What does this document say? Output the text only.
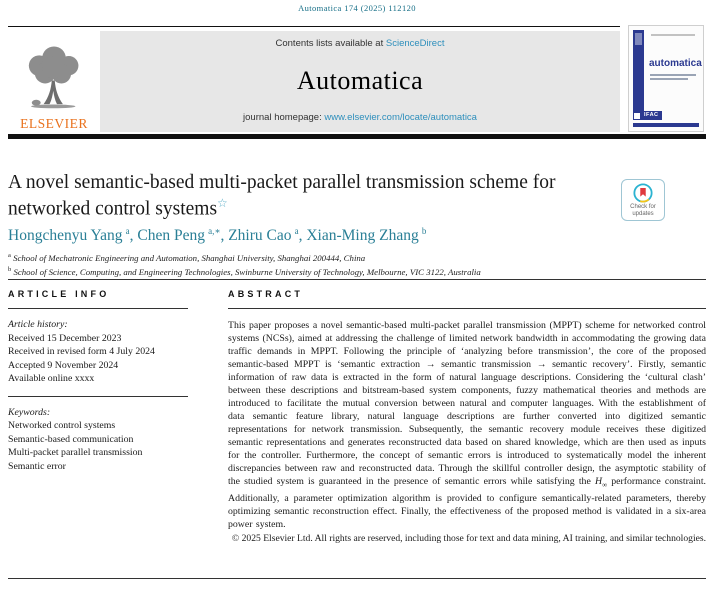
Automatica 174 (2025) 112120
ELSEVIER
Contents lists available at ScienceDirect
Automatica
journal homepage: www.elsevier.com/locate/automatica
automatica
IFAC
A novel semantic-based multi-packet parallel transmission scheme for networked control systems☆	Check for updates

Hongchenyu Yang  $^a$, Chen Peng  $^{a,∗}$, Zhiru Cao  $^a$, Xian-Ming Zhang  $^b$

$^a$ School of Mechatronic Engineering and Automation, Shanghai University, Shanghai 200444, China
$^b$ School of Science, Computing, and Engineering Technologies, Swinburne University of Technology, Melbourne, VIC 3122, Australia
ARTICLE INFO
Article history:
Received 15 December 2023
Received in revised form 4 July 2024
Accepted 9 November 2024
Available online xxxx
Keywords:
Networked control systems
Semantic-based communication
Multi-packet parallel transmission
Semantic error
ABSTRACT

This paper proposes a novel semantic-based multi-packet parallel transmission (MPPT) scheme for networked control systems (NCSs), aimed at addressing the challenge of limited network bandwidth in accommodating the growing data traffic demands in MPPT. Following the principle of ‘analyzing before transmission’, the core of the proposed semantic-based MPPT is ‘semantic extraction → semantic transmission → semantic recovery’. Firstly, semantic information of raw data is extracted in the form of natural language descriptions. Considering the ‘cultural clash’ between these descriptions and bitstream-based system components, fuzzy mathematical theories and methods are introduced to facilitate the mutual conversion between natural and computer languages. With the establishment of data semantic feature library, natural language descriptions are further converted into digitized semantic representations for network transmission. Subsequently, the semantic recovery module receives these digitized semantic representations and generates reconstructed data based on shared knowledge, which are then used as inputs for the controller. Furthermore, the concept of semantic errors is introduced to systematically model the inherent discrepancies between raw and reconstructed data. Through the skillful controller design, the asymptotic stability of the studied system is guaranteed in the presence of semantic errors while satisfying the $H_\infty$ performance constraint. Additionally, a parameter optimization algorithm is provided to configure semantically-related parameters, thereby optimizing semantic reconstruction effect. Finally, the effectiveness of the proposed method is validated in a six-area power system.

© 2025 Elsevier Ltd. All rights are reserved, including those for text and data mining, AI training, and similar technologies.
